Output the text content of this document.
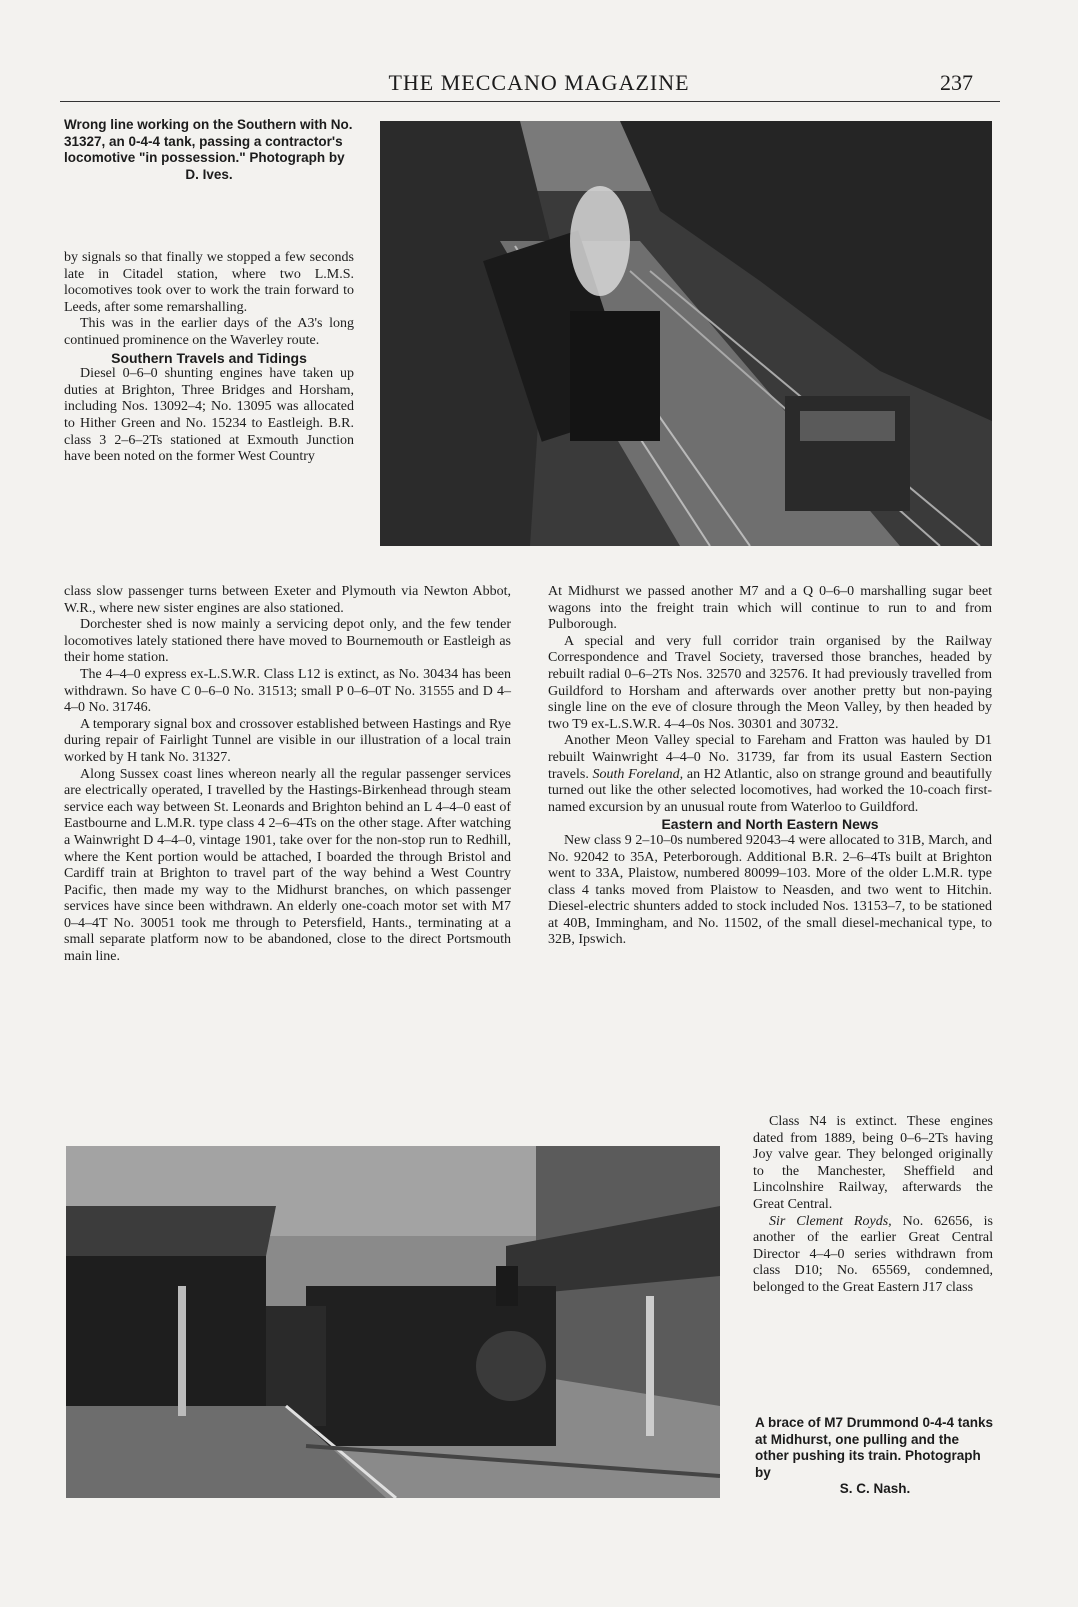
THE MECCANO MAGAZINE	237
Wrong line working on the Southern with No. 31327, an 0-4-4 tank, passing a contractor's locomotive "in possession." Photograph by
D. Ives.

by signals so that finally we stopped a few seconds late in Citadel station, where two L.M.S. locomotives took over to work the train forward to Leeds, after some remarshalling.

This was in the earlier days of the A3's long continued prominence on the Waverley route.

Southern Travels and Tidings

Diesel 0–6–0 shunting engines have taken up duties at Brighton, Three Bridges and Horsham, including Nos. 13092–4; No. 13095 was allocated to Hither Green and No. 15234 to Eastleigh. B.R. class 3 2–6–2Ts stationed at Exmouth Junction have been noted on the former West Country

class slow passenger turns between Exeter and Plymouth via Newton Abbot, W.R., where new sister engines are also stationed.

Dorchester shed is now mainly a servicing depot only, and the few tender locomotives lately stationed there have moved to Bournemouth or Eastleigh as their home station.

The 4–4–0 express ex-L.S.W.R. Class L12 is extinct, as No. 30434 has been withdrawn. So have C 0–6–0 No. 31513; small P 0–6–0T No. 31555 and D 4–4–0 No. 31746.

A temporary signal box and crossover established between Hastings and Rye during repair of Fairlight Tunnel are visible in our illustration of a local train worked by H tank No. 31327.

Along Sussex coast lines whereon nearly all the regular passenger services are electrically operated, I travelled by the Hastings-Birkenhead through steam service each way between St. Leonards and Brighton behind an L 4–4–0 east of Eastbourne and L.M.R. type class 4 2–6–4Ts on the other stage. After watching a Wainwright D 4–4–0, vintage 1901, take over for the non-stop run to Redhill, where the Kent portion would be attached, I boarded the through Bristol and Cardiff train at Brighton to travel part of the way behind a West Country Pacific, then made my way to the Midhurst branches, on which passenger services have since been withdrawn. An elderly one-coach motor set with M7 0–4–4T No. 30051 took me through to Petersfield, Hants., terminating at a small separate platform now to be abandoned, close to the direct Portsmouth main line.

At Midhurst we passed another M7 and a Q 0–6–0 marshalling sugar beet wagons into the freight train which will continue to run to and from Pulborough.

A special and very full corridor train organised by the Railway Correspondence and Travel Society, traversed those branches, headed by rebuilt radial 0–6–2Ts Nos. 32570 and 32576. It had previously travelled from Guildford to Horsham and afterwards over another pretty but non-paying single line on the eve of closure through the Meon Valley, by then headed by two T9 ex-L.S.W.R. 4–4–0s Nos. 30301 and 30732.

Another Meon Valley special to Fareham and Fratton was hauled by D1 rebuilt Wainwright 4–4–0 No. 31739, far from its usual Eastern Section travels. South Foreland, an H2 Atlantic, also on strange ground and beautifully turned out like the other selected locomotives, had worked the 10-coach first-named excursion by an unusual route from Waterloo to Guildford.

Eastern and North Eastern News

New class 9 2–10–0s numbered 92043–4 were allocated to 31B, March, and No. 92042 to 35A, Peterborough. Additional B.R. 2–6–4Ts built at Brighton went to 33A, Plaistow, numbered 80099–103. More of the older L.M.R. type class 4 tanks moved from Plaistow to Neasden, and two went to Hitchin. Diesel-electric shunters added to stock included Nos. 13153–7, to be stationed at 40B, Immingham, and No. 11502, of the small diesel-mechanical type, to 32B, Ipswich.

Class N4 is extinct. These engines dated from 1889, being 0–6–2Ts having Joy valve gear. They belonged originally to the Manchester, Sheffield and Lincolnshire Railway, afterwards the Great Central.

Sir Clement Royds, No. 62656, is another of the earlier Great Central Director 4–4–0 series withdrawn from class D10; No. 65569, condemned, belonged to the Great Eastern J17 class

A brace of M7 Drummond 0-4-4 tanks at Midhurst, one pulling and the other pushing its train. Photograph by
S. C. Nash.
